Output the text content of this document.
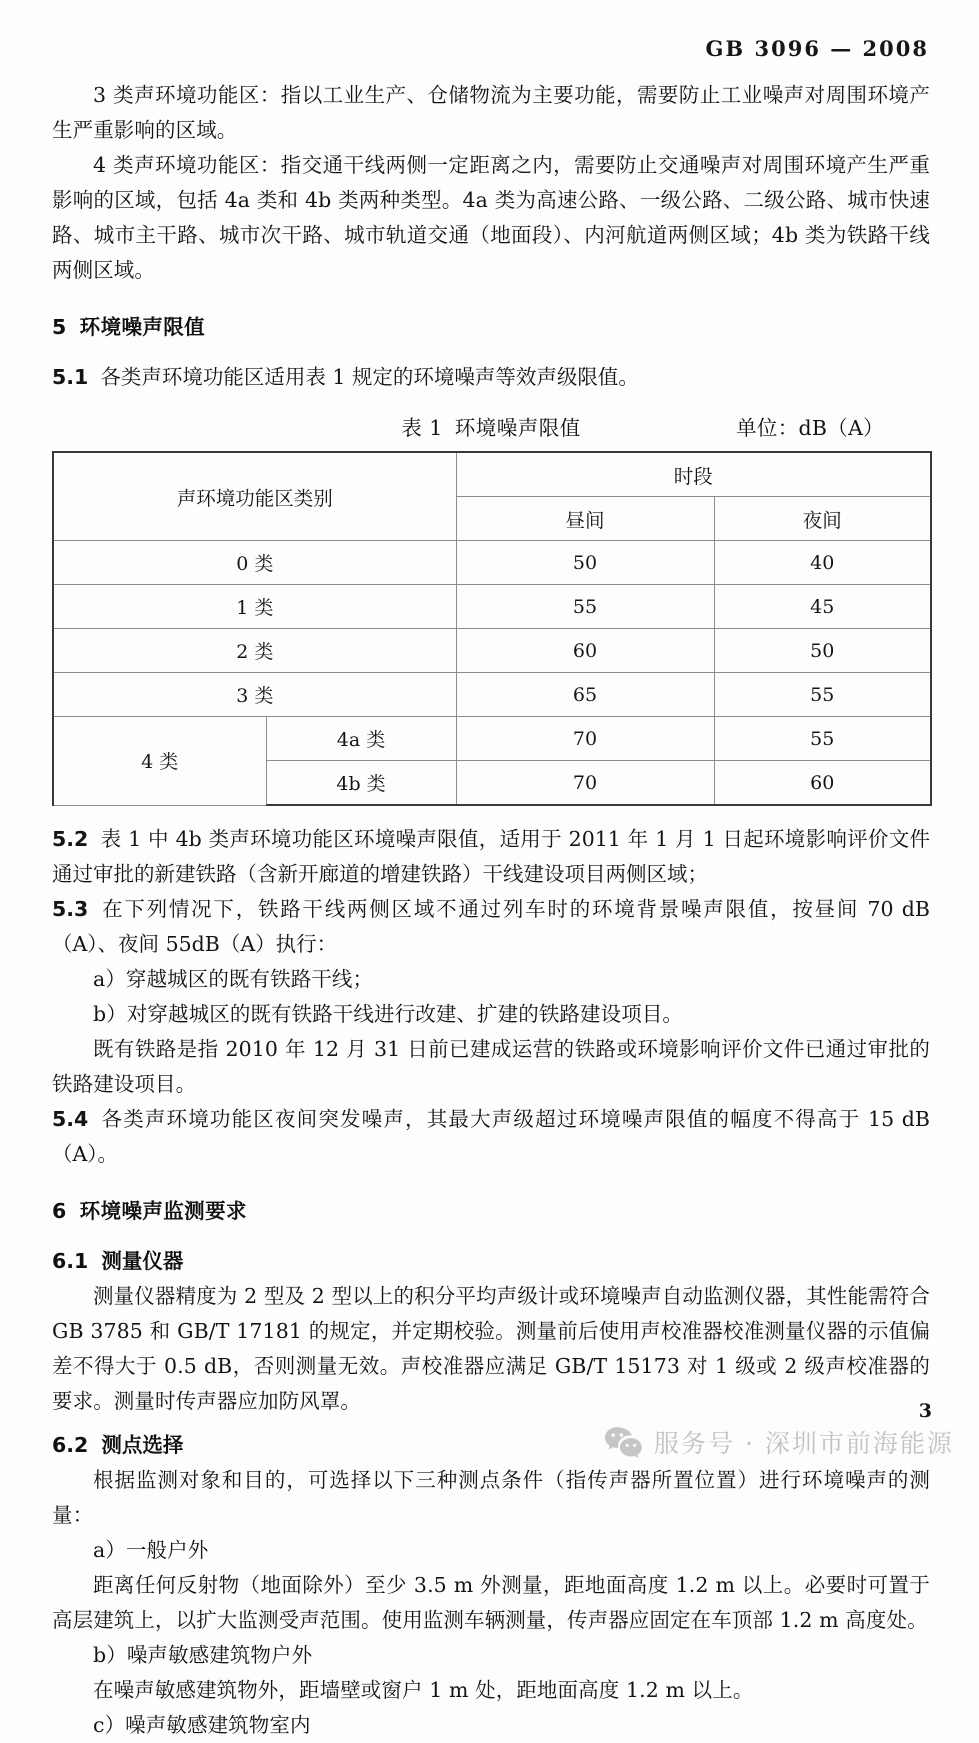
GB 3096 — 2008

3 类声环境功能区：指以工业生产、仓储物流为主要功能，需要防止工业噪声对周围环境产生严重影响的区域。

4 类声环境功能区：指交通干线两侧一定距离之内，需要防止交通噪声对周围环境产生严重影响的区域，包括 4a 类和 4b 类两种类型。4a 类为高速公路、一级公路、二级公路、城市快速路、城市主干路、城市次干路、城市轨道交通（地面段）、内河航道两侧区域；4b 类为铁路干线两侧区域。

5 环境噪声限值

5.1 各类声环境功能区适用表 1 规定的环境噪声等效声级限值。

表 1 环境噪声限值	单位：dB（A）
声环境功能区类别		时段	
		昼间	夜间
0 类		50	40
1 类		55	45
2 类		60	50
3 类		65	55
4 类	4a 类	70	55
	4b 类	70	60

5.2 表 1 中 4b 类声环境功能区环境噪声限值，适用于 2011 年 1 月 1 日起环境影响评价文件通过审批的新建铁路（含新开廊道的增建铁路）干线建设项目两侧区域；

5.3 在下列情况下，铁路干线两侧区域不通过列车时的环境背景噪声限值，按昼间 70 dB（A）、夜间 55dB（A）执行：

a）穿越城区的既有铁路干线；

b）对穿越城区的既有铁路干线进行改建、扩建的铁路建设项目。

既有铁路是指 2010 年 12 月 31 日前已建成运营的铁路或环境影响评价文件已通过审批的铁路建设项目。

5.4 各类声环境功能区夜间突发噪声，其最大声级超过环境噪声限值的幅度不得高于 15 dB（A）。

6 环境噪声监测要求

6.1 测量仪器

测量仪器精度为 2 型及 2 型以上的积分平均声级计或环境噪声自动监测仪器，其性能需符合 GB 3785 和 GB/T 17181 的规定，并定期校验。测量前后使用声校准器校准测量仪器的示值偏差不得大于 0.5 dB，否则测量无效。声校准器应满足 GB/T 15173 对 1 级或 2 级声校准器的要求。测量时传声器应加防风罩。

6.2 测点选择

根据监测对象和目的，可选择以下三种测点条件（指传声器所置位置）进行环境噪声的测量：

a）一般户外

距离任何反射物（地面除外）至少 3.5 m 外测量，距地面高度 1.2 m 以上。必要时可置于高层建筑上，以扩大监测受声范围。使用监测车辆测量，传声器应固定在车顶部 1.2 m 高度处。

b）噪声敏感建筑物户外

在噪声敏感建筑物外，距墙壁或窗户 1 m 处，距地面高度 1.2 m 以上。

c）噪声敏感建筑物室内

3
服务号 · 深圳市前海能源
